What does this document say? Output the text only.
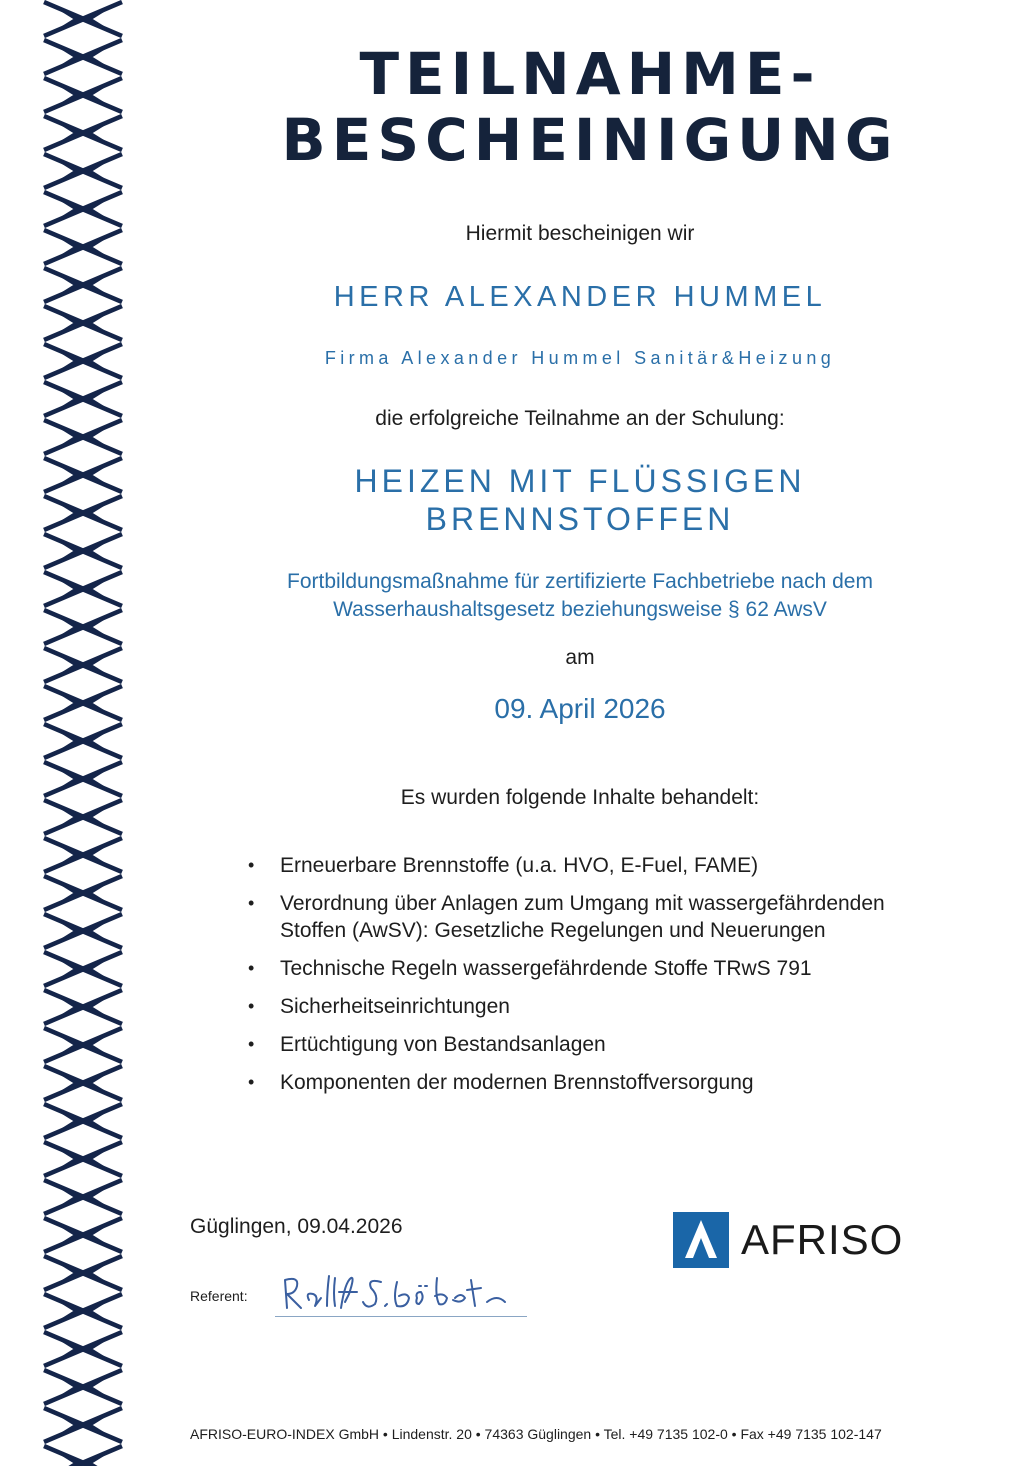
TEILNAHME-
BESCHEINIGUNG
Hiermit bescheinigen wir
HERR ALEXANDER HUMMEL
Firma Alexander Hummel Sanitär&Heizung
die erfolgreiche Teilnahme an der Schulung:
HEIZEN MIT FLÜSSIGEN
BRENNSTOFFEN
Fortbildungsmaßnahme für zertifizierte Fachbetriebe nach dem
Wasserhaushaltsgesetz beziehungsweise § 62 AwsV
am
09. April 2026
Es wurden folgende Inhalte behandelt:
• Erneuerbare Brennstoffe (u.a. HVO, E-Fuel, FAME)
• Verordnung über Anlagen zum Umgang mit wassergefährdenden
Stoffen (AwSV): Gesetzliche Regelungen und Neuerungen
• Technische Regeln wassergefährdende Stoffe TRwS 791
• Sicherheitseinrichtungen
• Ertüchtigung von Bestandsanlagen
• Komponenten der modernen Brennstoffversorgung
Güglingen, 09.04.2026	AFRISO
Referent:
AFRISO-EURO-INDEX GmbH • Lindenstr. 20 • 74363 Güglingen • Tel. +49 7135 102-0 • Fax +49 7135 102-147
